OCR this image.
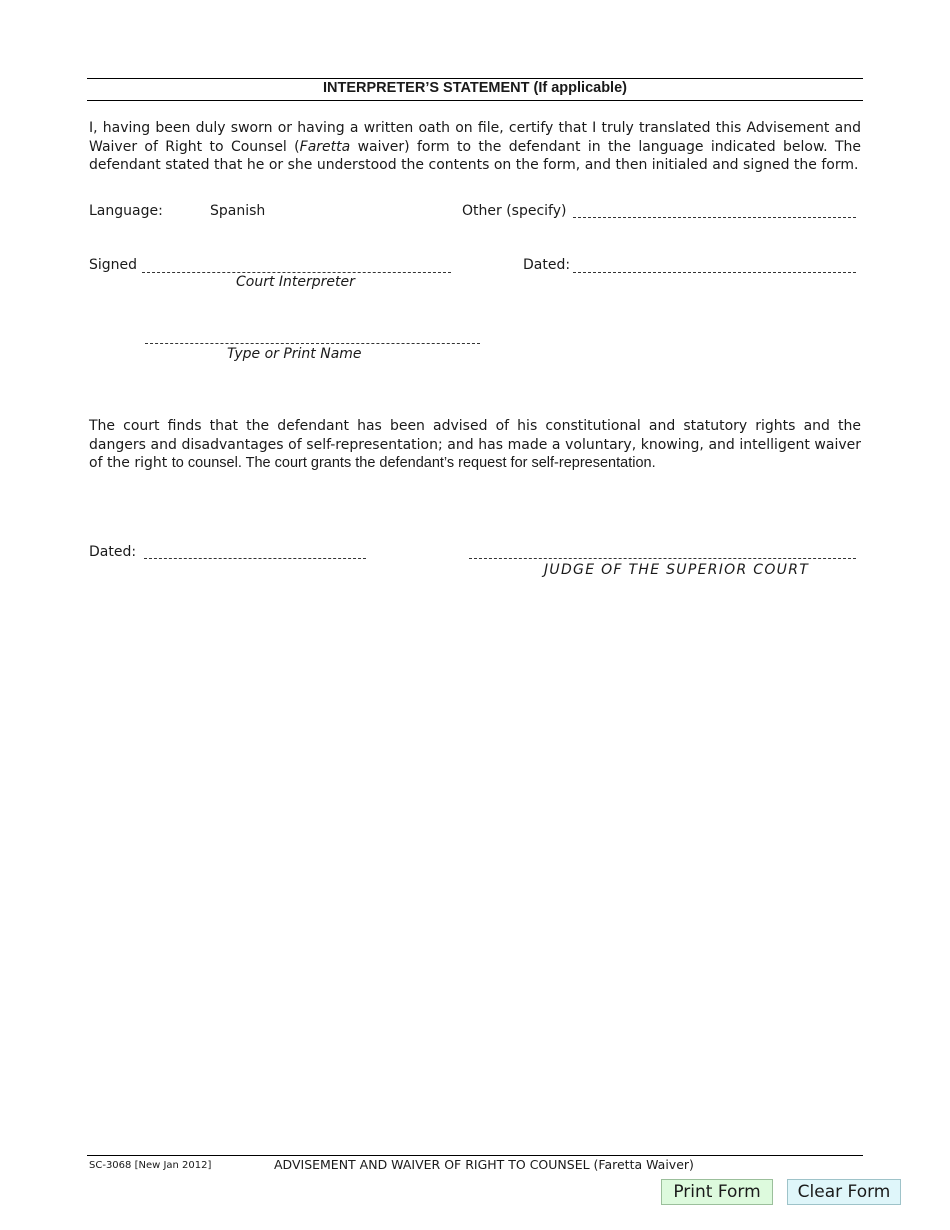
INTERPRETER’S STATEMENT (If applicable)
I, having been duly sworn or having a written oath on file, certify that I truly translated this Advisement and Waiver of Right to Counsel (Faretta waiver) form to the defendant in the language indicated below. The defendant stated that he or she understood the contents on the form, and then initialed and signed the form.
Language:	Spanish	Other (specify)
Signed
Court Interpreter
Dated:
Type or Print Name
The court finds that the defendant has been advised of his constitutional and statutory rights and the dangers and disadvantages of self-representation; and has made a voluntary, knowing, and intelligent waiver of the right to counsel. The court grants the defendant’s request for self-representation.
Dated:
JUDGE OF THE SUPERIOR COURT
SC-3068 [New Jan 2012]	ADVISEMENT AND WAIVER OF RIGHT TO COUNSEL (Faretta Waiver)
Print Form	Clear Form
